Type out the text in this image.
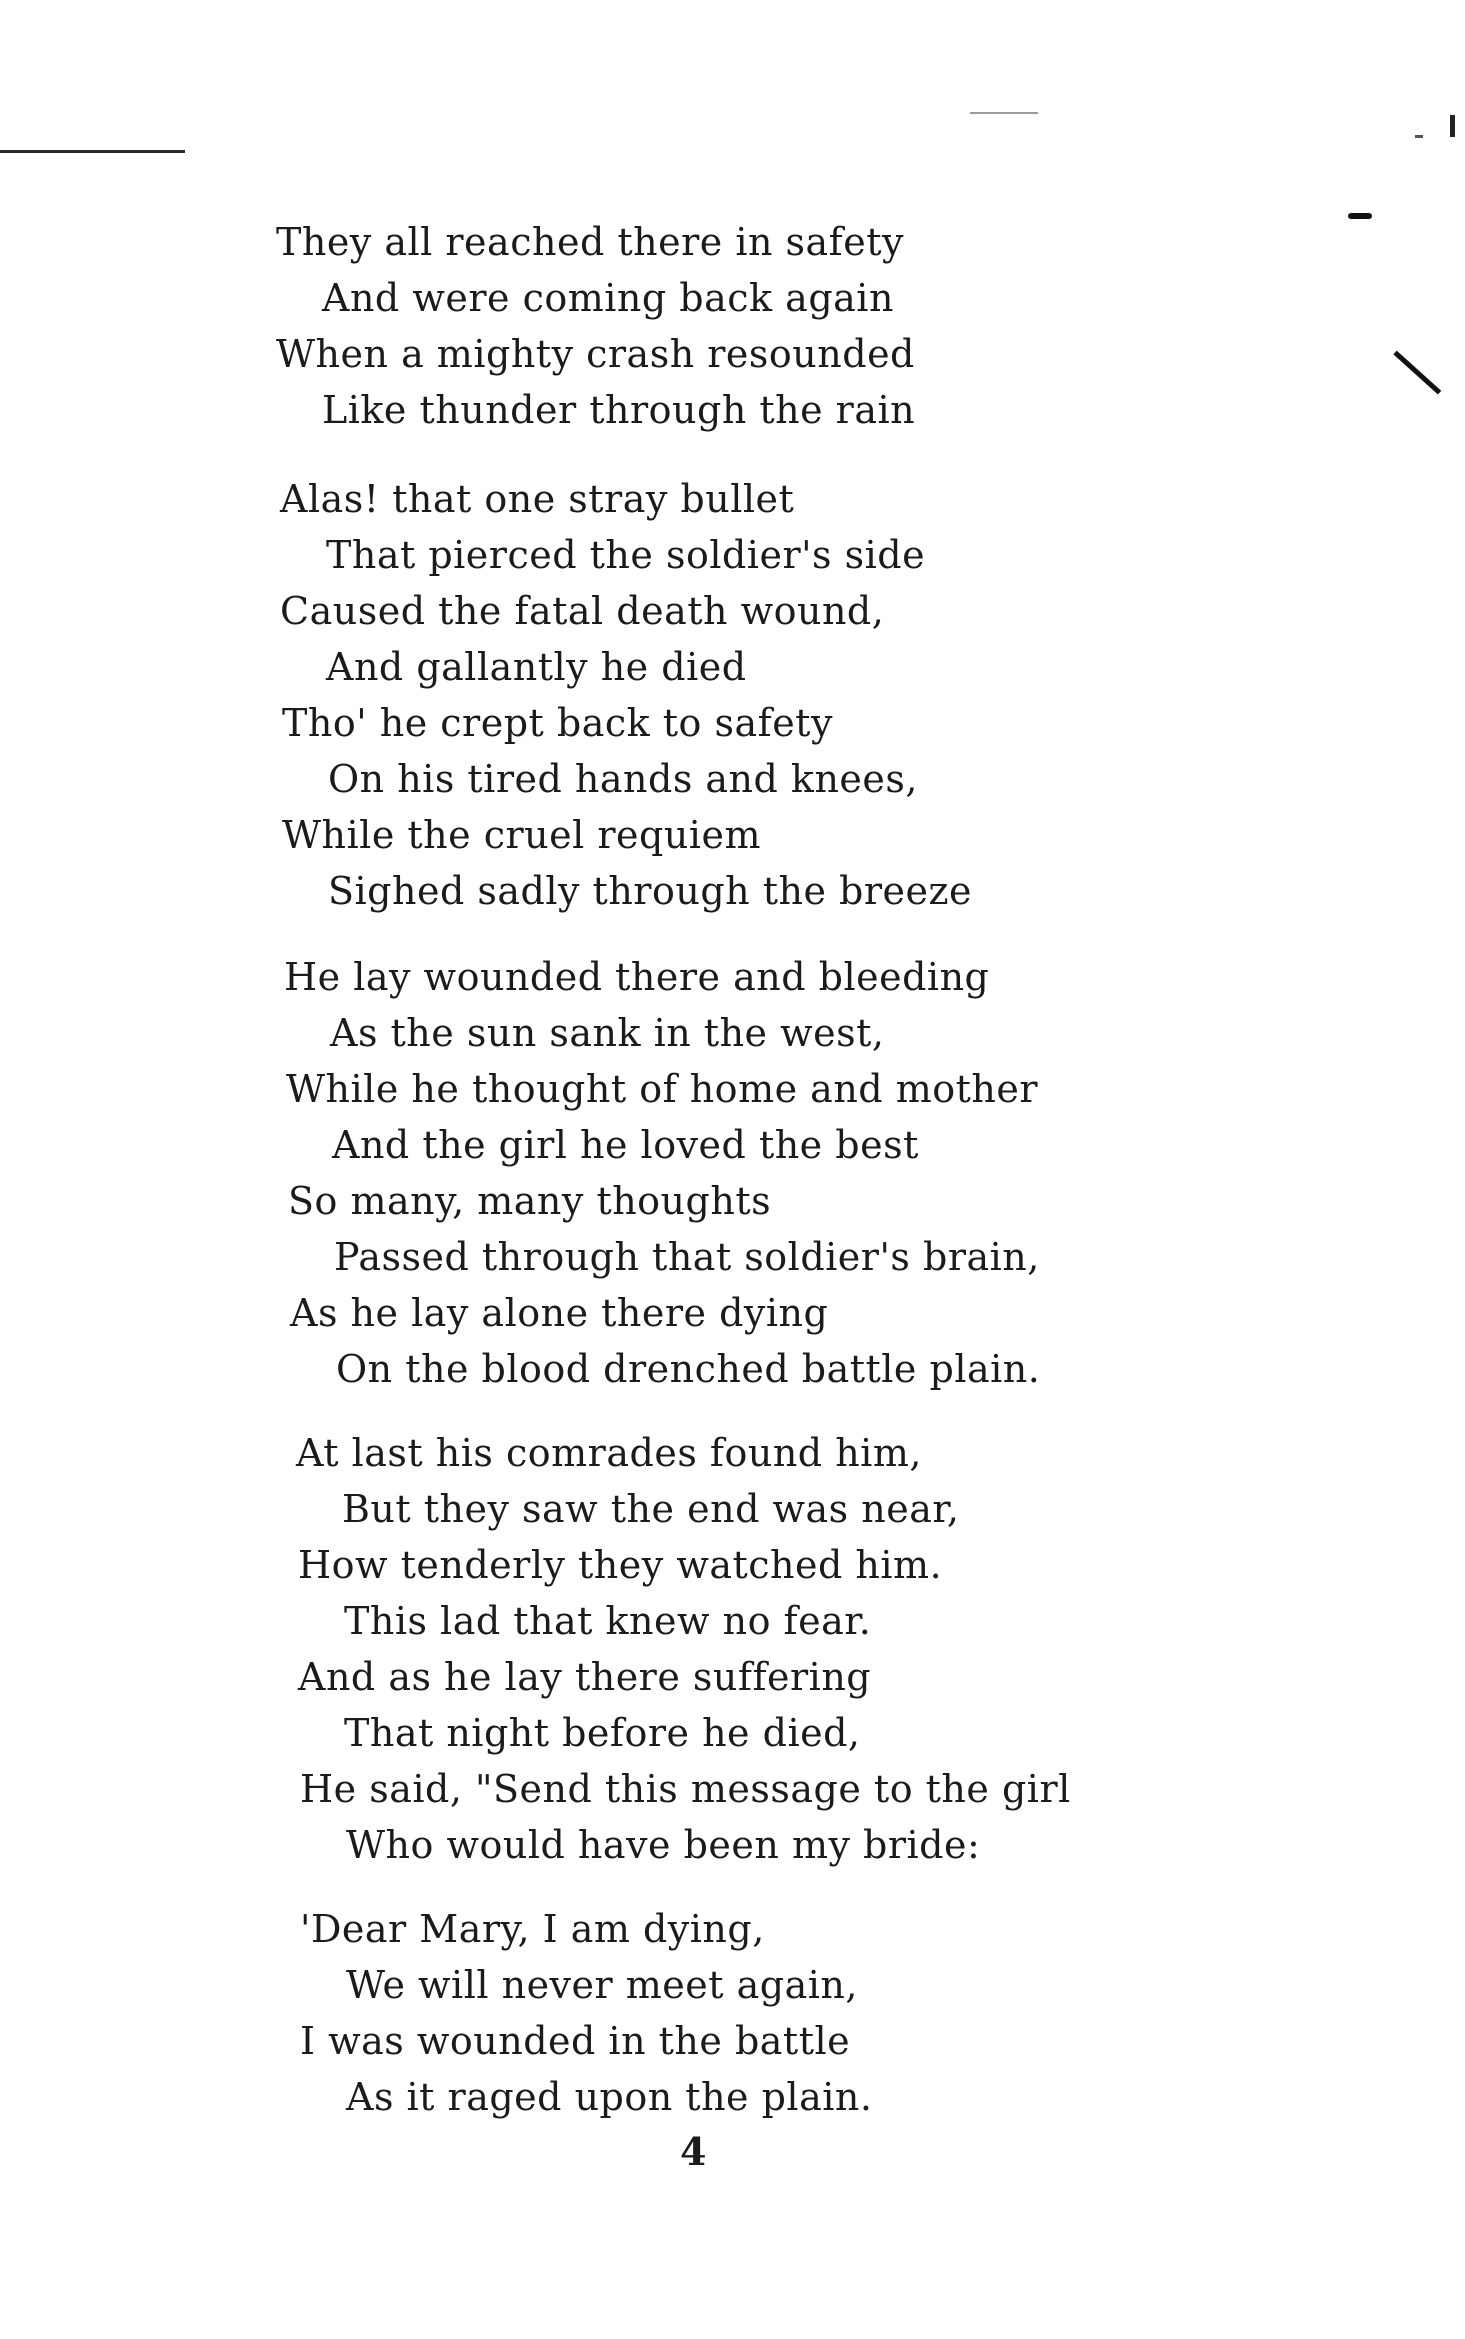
They all reached there in safety
And were coming back again
When a mighty crash resounded
Like thunder through the rain
Alas! that one stray bullet
That pierced the soldier's side
Caused the fatal death wound,
And gallantly he died
Tho' he crept back to safety
On his tired hands and knees,
While the cruel requiem
Sighed sadly through the breeze
He lay wounded there and bleeding
As the sun sank in the west,
While he thought of home and mother
And the girl he loved the best
So many, many thoughts
Passed through that soldier's brain,
As he lay alone there dying
On the blood drenched battle plain.
At last his comrades found him,
But they saw the end was near,
How tenderly they watched him.
This lad that knew no fear.
And as he lay there suffering
That night before he died,
He said, "Send this message to the girl
Who would have been my bride:
'Dear Mary, I am dying,
We will never meet again,
I was wounded in the battle
As it raged upon the plain.
4
